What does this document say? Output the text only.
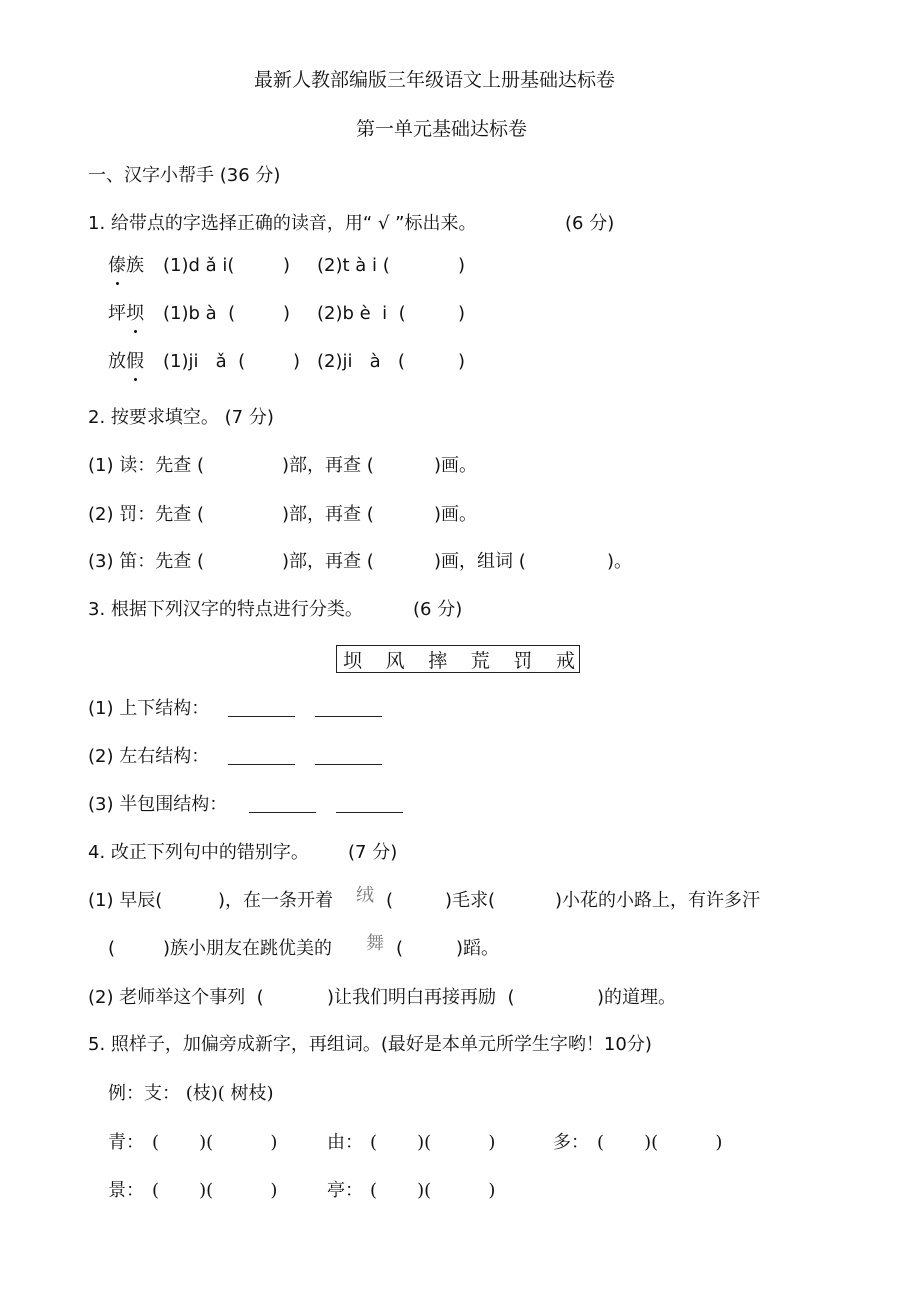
最新人教部编版三年级语文上册基础达标卷
第一单元基础达标卷
一、汉字小帮手 (36 分)
1. 给带点的字选择正确的读音，用“ √ ”标出来。	(6 分)
傣族 (1)d ǎ i(	) (2)t à i (	)
坪坝 (1)b à  (	) (2)b è  i  (	)
放假 (1)ji   ǎ  (	) (2)ji   à   (	)
2. 按要求填空。 (7 分)
(1) 读：先查 (	)部，再查 (	)画。
(2) 罚：先查 (	)部，再查 (	)画。
(3) 笛：先查 (	)部，再查 (	)画，组词 (	)。
3. 根据下列汉字的特点进行分类。	(6 分)
坝 风 摔 荒 罚 戒
(1) 上下结构：
(2) 左右结构：
(3) 半包围结构：
4. 改正下列句中的错别字。 (7 分)
(1) 早辰(	)，在一条开着 绒 (	)毛求(	)小花的小路上，有许多汗
(	)族小朋友在跳优美的 舞 (	)蹈。
(2) 老师举这个事列  (	)让我们明白再接再励  (	)的道理。
5. 照样子，加偏旁成新字，再组词。(最好是本单元所学生字哟！10分)
例：支： (枝)( 树枝)
青： (       )(          )	由： (       )(          )	多： (       )(          )
景： (       )(          )	亭： (       )(          )
